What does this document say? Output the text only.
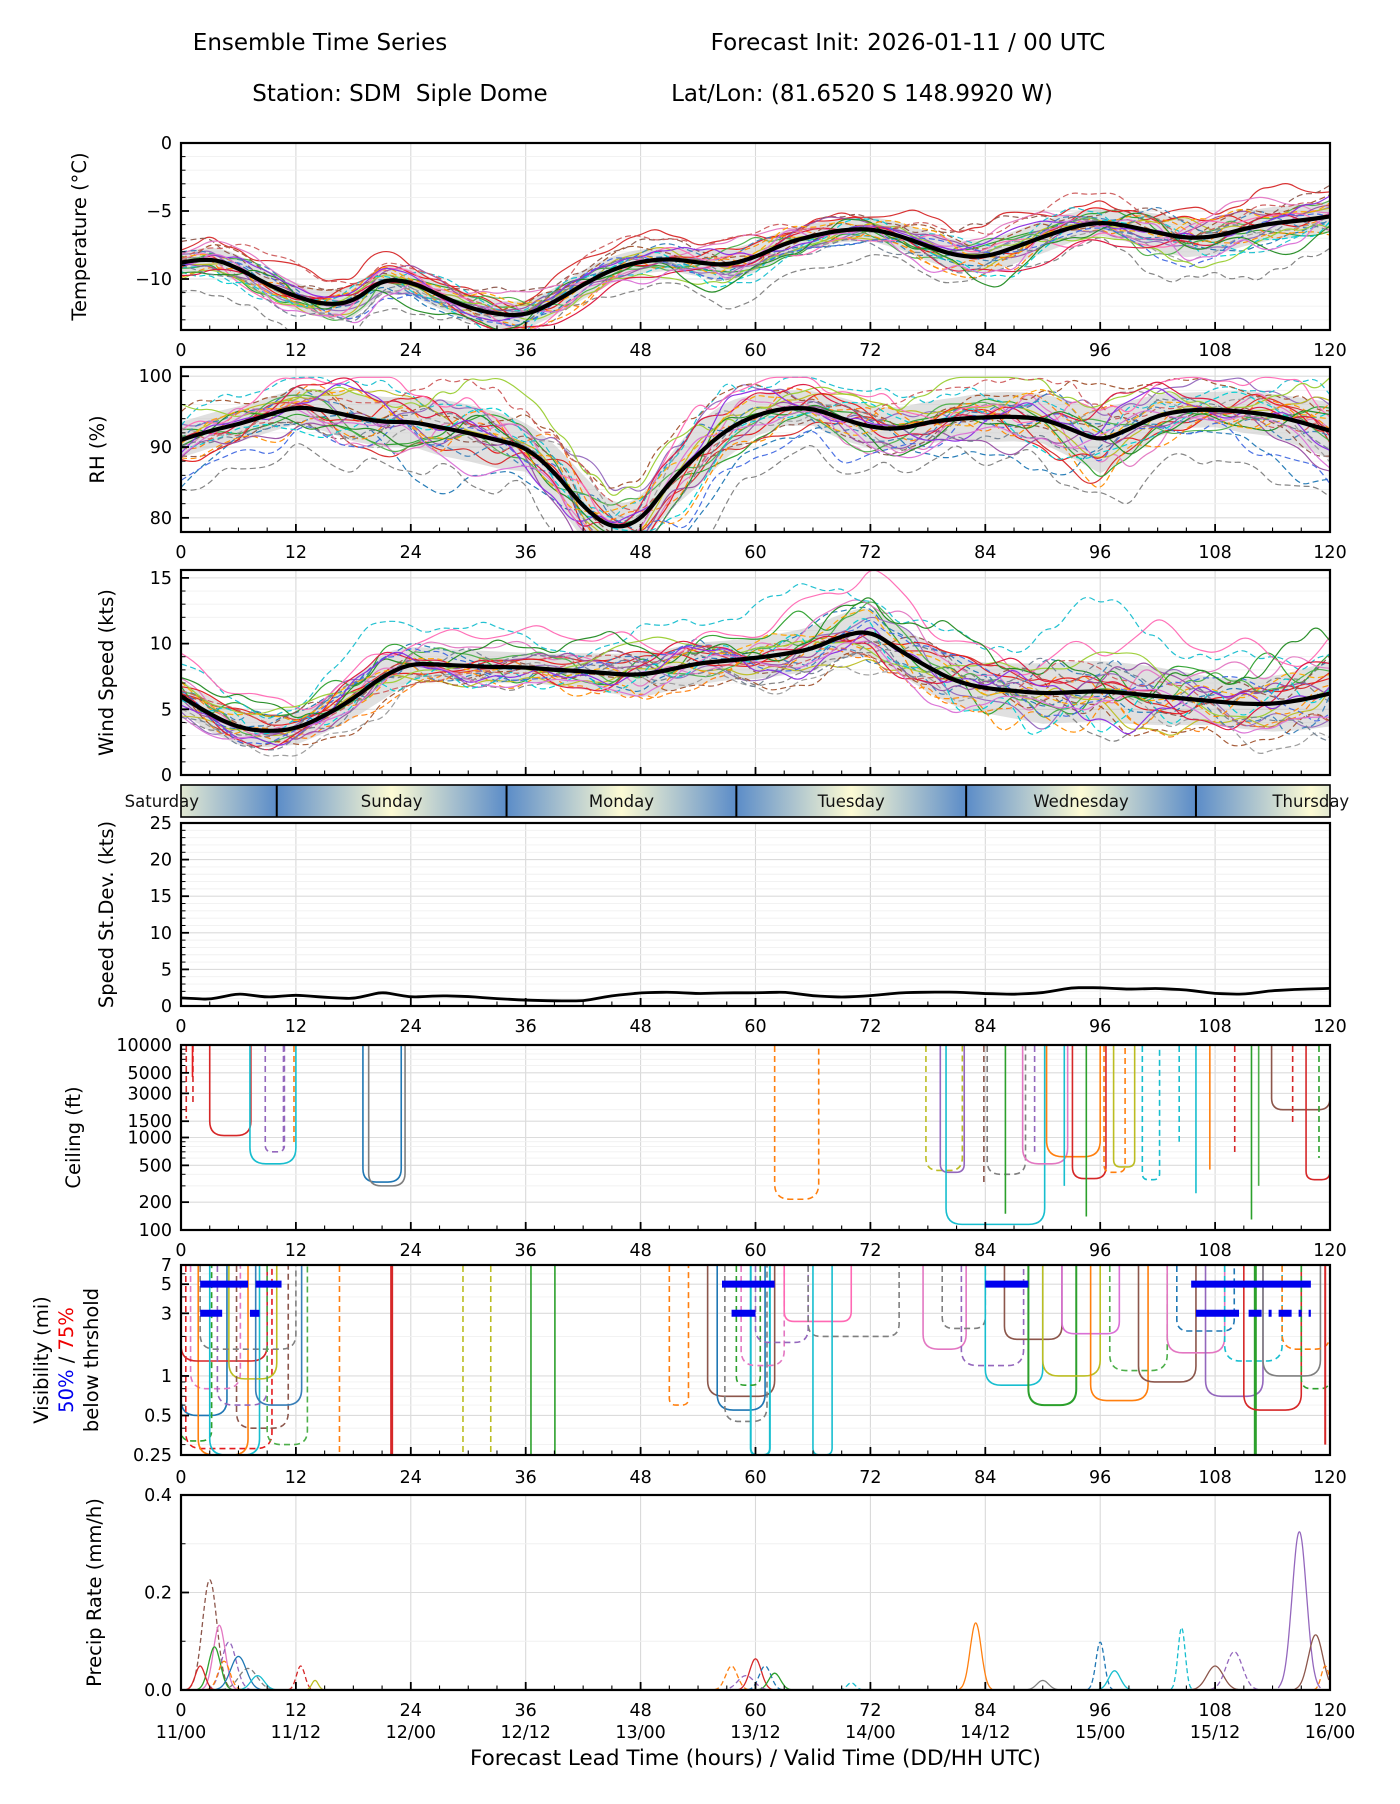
Ensemble Time Series	Forecast Init: 2026-01-11 / 00 UTC
Station: SDM  Siple Dome	Lat/Lon: (81.6520 S 148.9920 W)
0
−5
−10
Temperature (°C)
0	12	24	36	48	60	72	84	96	108	120
100
90
80
RH (%)
0	12	24	36	48	60	72	84	96	108	120
15
10
5
0
Wind Speed (kts)
Saturday	Sunday	Monday	Tuesday	Wednesday	Thursday
25
20
15
10
5
0
Speed St.Dev. (kts)
0	12	24	36	48	60	72	84	96	108	120
10000
5000
3000
1500
1000
500
200
100
Ceiling (ft)
0	12	24	36	48	60	72	84	96	108	120
7
5
3
1
0.5
0.25
Visibility (mi) 50% / 75% below thrshold
0	12	24	36	48	60	72	84	96	108	120
0.4
0.2
0.0
Precip Rate (mm/h)
0	12	24	36	48	60	72	84	96	108	120
11/00	11/12	12/00	12/12	13/00	13/12	14/00	14/12	15/00	15/12	16/00
Forecast Lead Time (hours) / Valid Time (DD/HH UTC)
